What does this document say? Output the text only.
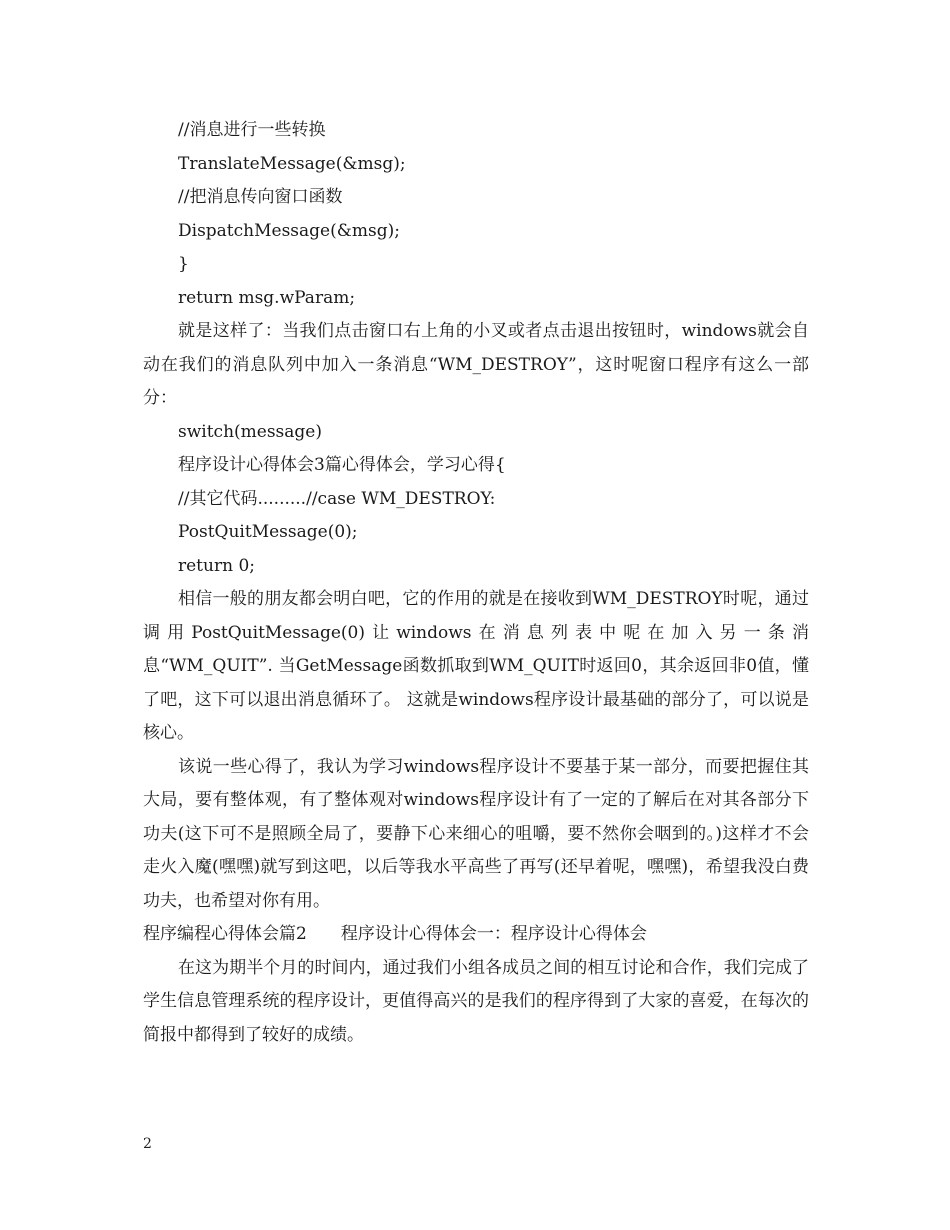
//消息进行一些转换

TranslateMessage(&msg);

//把消息传向窗口函数

DispatchMessage(&msg);

}

return msg.wParam;

就是这样了：当我们点击窗口右上角的小叉或者点击退出按钮时，windows就会自动在我们的消息队列中加入一条消息“WM_DESTROY”，这时呢窗口程序有这么一部分：

switch(message)

程序设计心得体会3篇心得体会，学习心得{

//其它代码.........//case WM_DESTROY:

PostQuitMessage(0);

return 0;

相信一般的朋友都会明白吧，它的作用的就是在接收到WM_DESTROY时呢，通过调用PostQuitMessage(0)让windows在消息列表中呢在加入另一条消息“WM_QUIT”. 当GetMessage函数抓取到WM_QUIT时返回0，其余返回非0值，懂了吧，这下可以退出消息循环了。 这就是windows程序设计最基础的部分了，可以说是核心。

该说一些心得了，我认为学习windows程序设计不要基于某一部分，而要把握住其大局，要有整体观，有了整体观对windows程序设计有了一定的了解后在对其各部分下功夫(这下可不是照顾全局了，要静下心来细心的咀嚼，要不然你会咽到的。)这样才不会走火入魔(嘿嘿)就写到这吧，以后等我水平高些了再写(还早着呢，嘿嘿)，希望我没白费功夫，也希望对你有用。

程序编程心得体会篇2　　程序设计心得体会一：程序设计心得体会

在这为期半个月的时间内，通过我们小组各成员之间的相互讨论和合作，我们完成了学生信息管理系统的程序设计，更值得高兴的是我们的程序得到了大家的喜爱，在每次的简报中都得到了较好的成绩。

2
